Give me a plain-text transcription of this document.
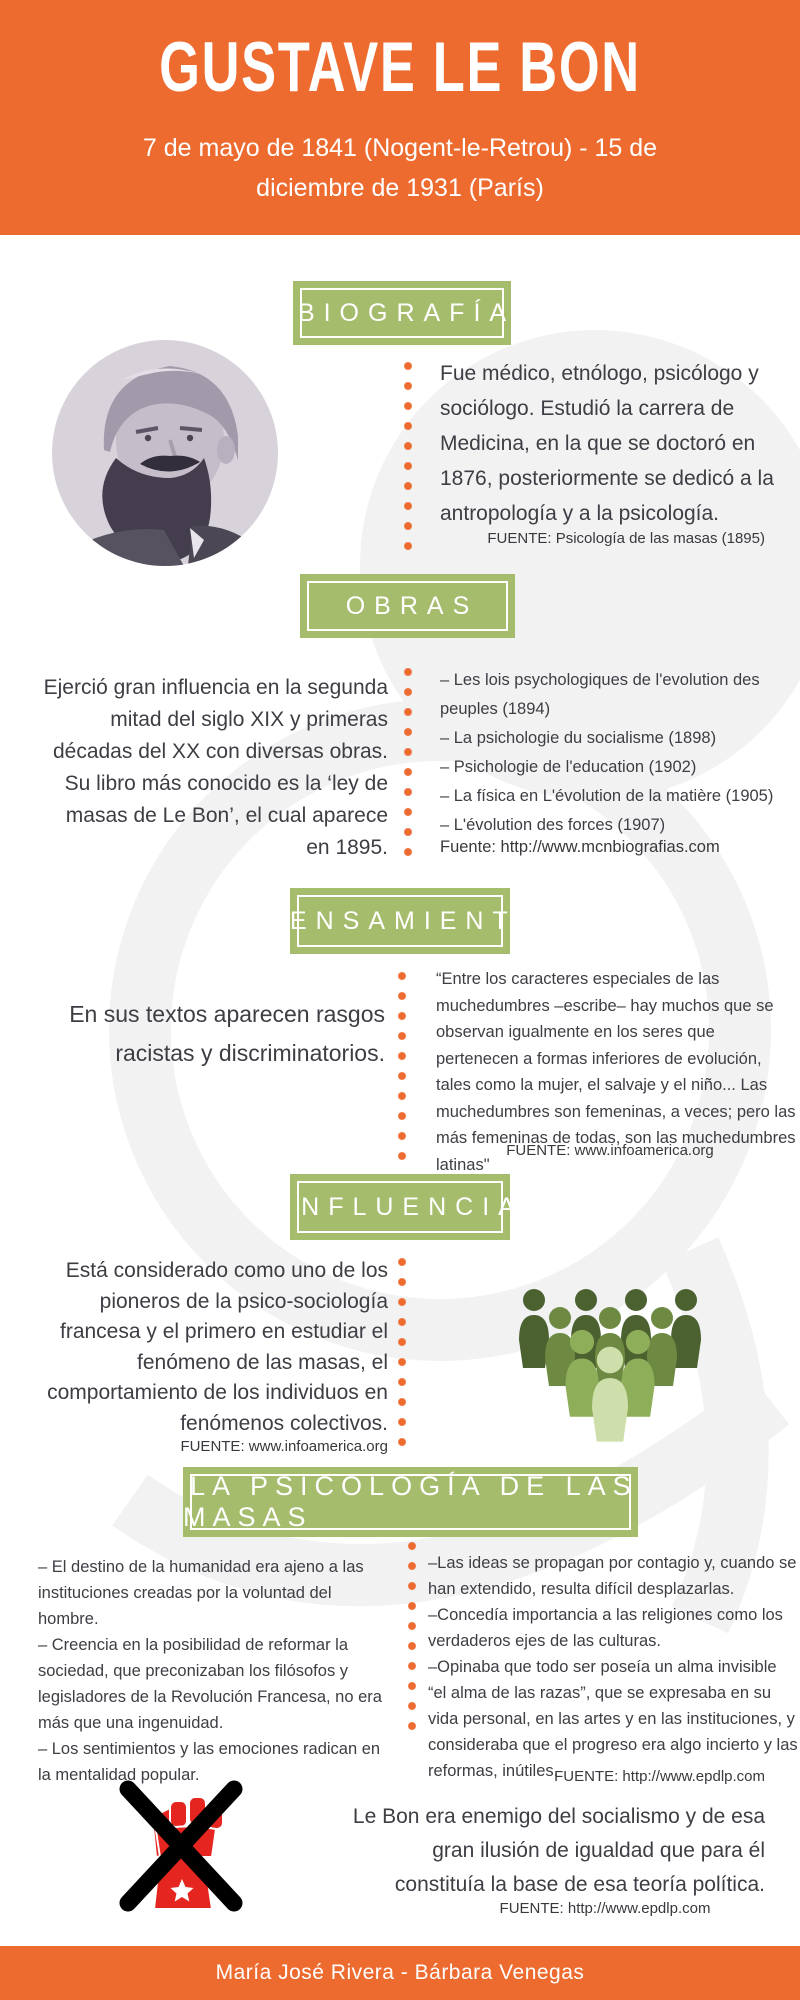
GUSTAVE LE BON
7 de mayo de 1841 (Nogent-le-Retrou) - 15 de diciembre de 1931 (París)
BIOGRAFÍA
Fue médico, etnólogo, psicólogo y sociólogo. Estudió la carrera de Medicina, en la que se doctoró en 1876, posteriormente se dedicó a la antropología y a la psicología.
FUENTE: Psicología de las masas (1895)
OBRAS
Ejerció gran influencia en la segunda mitad del siglo XIX y primeras décadas del XX con diversas obras. Su libro más conocido es la ‘ley de masas de Le Bon’, el cual aparece en 1895.
– Les lois psychologiques de l'evolution des peuples (1894)
– La psichologie du socialisme (1898)
– Psichologie de l'education (1902)
– La física en L'évolution de la matière (1905)
– L'évolution des forces (1907)
Fuente: http://www.mcnbiografias.com
PENSAMIENTO
En sus textos aparecen rasgos racistas y discriminatorios.
“Entre los caracteres especiales de las muchedumbres –escribe– hay muchos que se observan igualmente en los seres que pertenecen a formas inferiores de evolución, tales como la mujer, el salvaje y el niño... Las muchedumbres son femeninas, a veces; pero las más femeninas de todas, son las muchedumbres latinas"
FUENTE: www.infoamerica.org
INFLUENCIA
Está considerado como uno de los pioneros de la psico-sociología francesa y el primero en estudiar el fenómeno de las masas, el comportamiento de los individuos en fenómenos colectivos.
FUENTE: www.infoamerica.org
LA PSICOLOGÍA DE LAS MASAS
– El destino de la humanidad era ajeno a las instituciones creadas por la voluntad del hombre.
– Creencia en la posibilidad de reformar la sociedad, que preconizaban los filósofos y legisladores de la Revolución Francesa, no era más que una ingenuidad.
– Los sentimientos y las emociones radican en la mentalidad popular.
–Las ideas se propagan por contagio y, cuando se han extendido, resulta difícil desplazarlas.
–Concedía importancia a las religiones como los verdaderos ejes de las culturas.
–Opinaba que todo ser poseía un alma invisible “el alma de las razas”, que se expresaba en su vida personal, en las artes y en las instituciones, y consideraba que el progreso era algo incierto y las reformas, inútiles.
FUENTE: http://www.epdlp.com
Le Bon era enemigo del socialismo y de esa gran ilusión de igualdad que para él constituía la base de esa teoría política.
FUENTE: http://www.epdlp.com
María José Rivera - Bárbara Venegas
